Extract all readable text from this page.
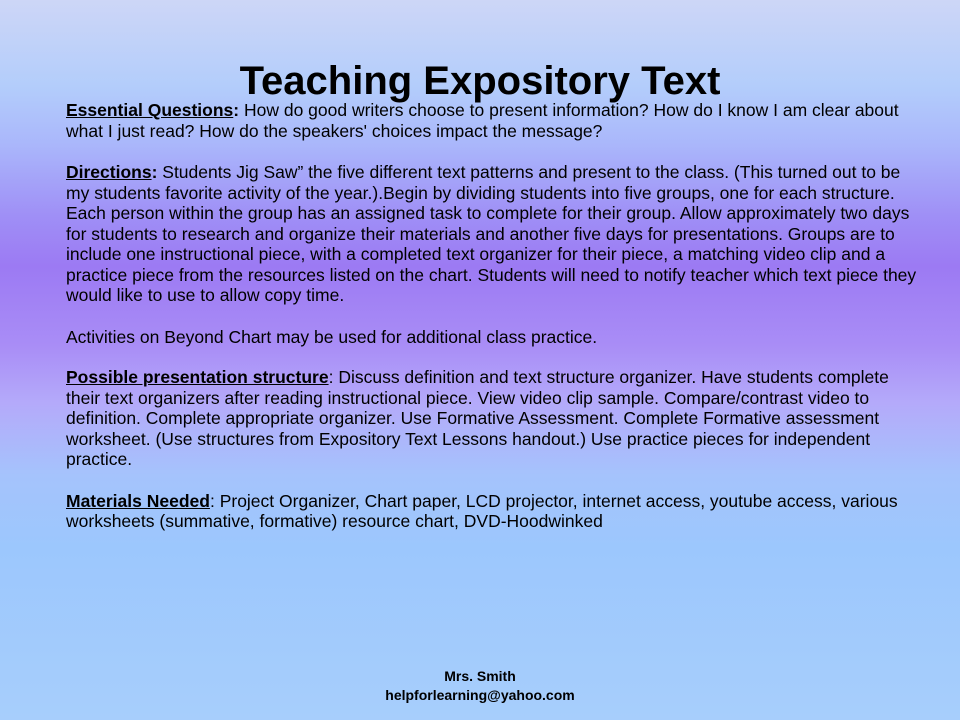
Teaching Expository Text

Essential Questions: How do good writers choose to present information? How do I know I am clear about what I just read? How do the speakers' choices impact the message?

Directions: Students Jig Saw” the five different text patterns and present to the class. (This turned out to be my students favorite activity of the year.).Begin by dividing students into five groups, one for each structure. Each person within the group has an assigned task to complete for their group. Allow approximately two days for students to research and organize their materials and another five days for presentations. Groups are to include one instructional piece, with a completed text organizer for their piece, a matching video clip and a practice piece from the resources listed on the chart. Students will need to notify teacher which text piece they would like to use to allow copy time.

Activities on Beyond Chart may be used for additional class practice.

Possible presentation structure: Discuss definition and text structure organizer. Have students complete their text organizers after reading instructional piece. View video clip sample. Compare/contrast video to definition. Complete appropriate organizer. Use Formative Assessment. Complete Formative assessment worksheet. (Use structures from Expository Text Lessons handout.) Use practice pieces for independent practice.

Materials Needed: Project Organizer, Chart paper, LCD projector, internet access, youtube access, various worksheets (summative, formative) resource chart, DVD-Hoodwinked

Mrs. Smith
helpforlearning@yahoo.com
